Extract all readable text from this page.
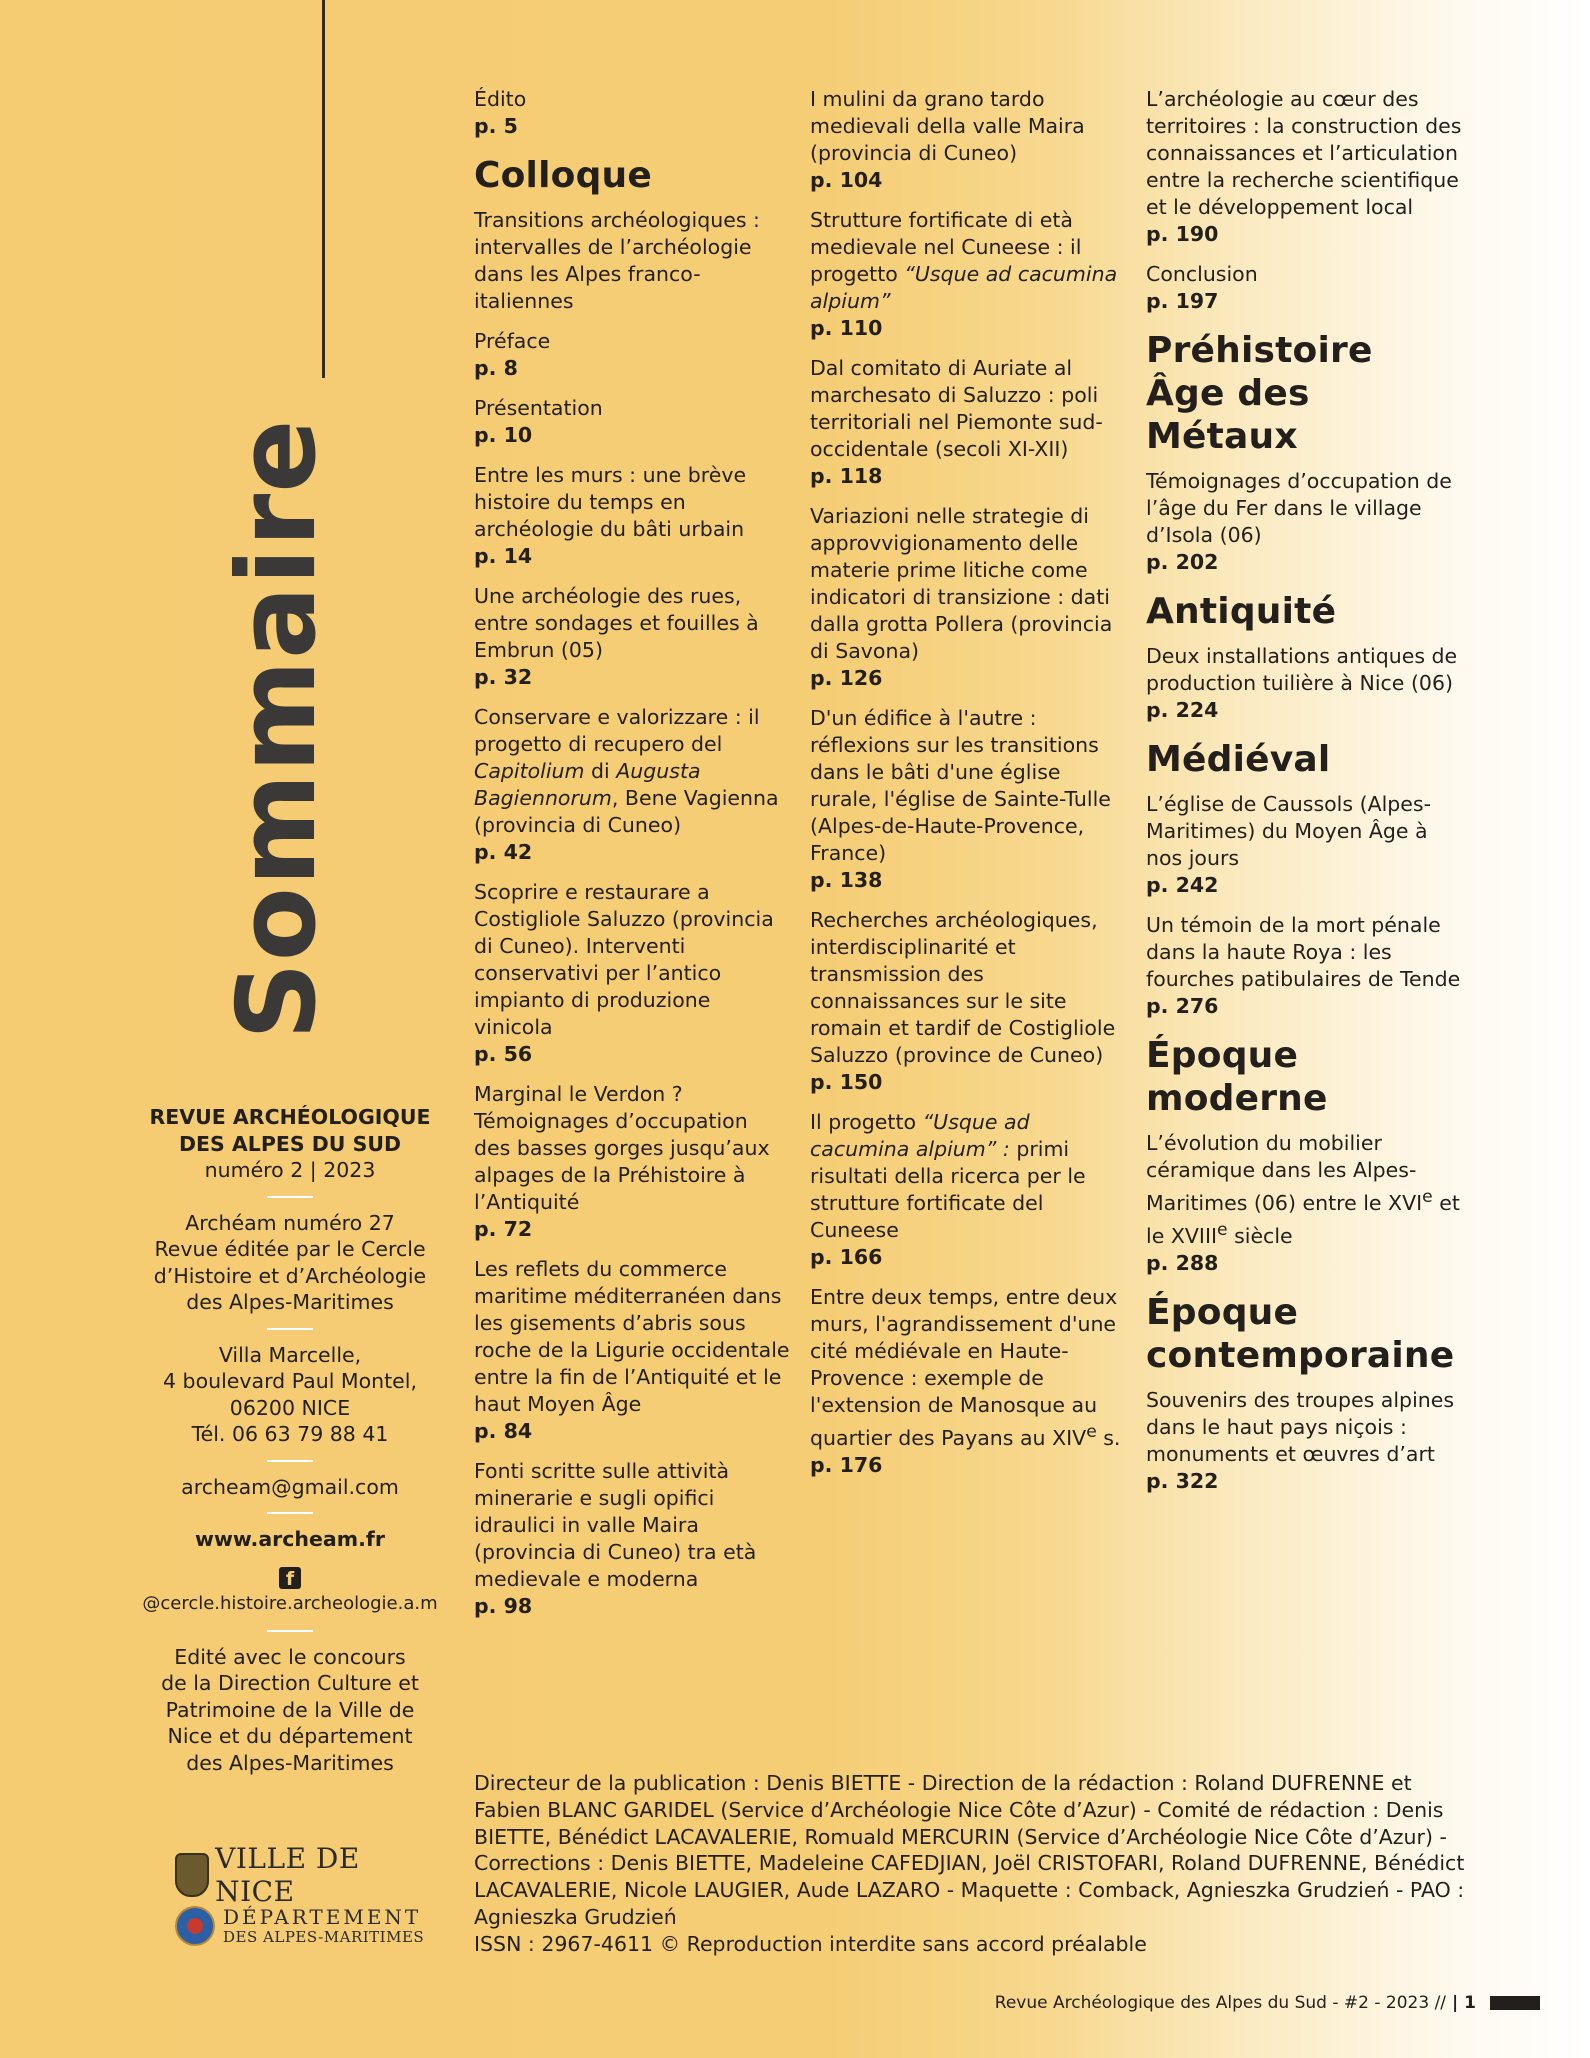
Sommaire
REVUE ARCHÉOLOGIQUE
DES ALPES DU SUD
numéro 2 | 2023
Archéam numéro 27
Revue éditée par le Cercle
d’Histoire et d’Archéologie
des Alpes-Maritimes
Villa Marcelle,
4 boulevard Paul Montel,
06200 NICE
Tél. 06 63 79 88 41
archeam@gmail.com
www.archeam.fr
f
@cercle.histoire.archeologie.a.m
Edité avec le concours
de la Direction Culture et
Patrimoine de la Ville de
Nice et du département
des Alpes-Maritimes
VILLE DE NICE
DÉPARTEMENT
DES ALPES-MARITIMES
Édito
p. 5
Colloque
Transitions archéologiques : intervalles de l’archéologie dans les Alpes franco-italiennes
Préface
p. 8
Présentation
p. 10
Entre les murs : une brève histoire du temps en archéologie du bâti urbain
p. 14
Une archéologie des rues, entre sondages et fouilles à Embrun (05)
p. 32
Conservare e valorizzare : il progetto di recupero del Capitolium di Augusta Bagiennorum, Bene Vagienna (provincia di Cuneo)
p. 42
Scoprire e restaurare a Costigliole Saluzzo (provincia di Cuneo). Interventi conservativi per l’antico impianto di produzione vinicola
p. 56
Marginal le Verdon ? Témoignages d’occupation des basses gorges jusqu’aux alpages de la Préhistoire à l’Antiquité
p. 72
Les reflets du commerce maritime méditerranéen dans les gisements d’abris sous roche de la Ligurie occidentale entre la fin de l’Antiquité et le haut Moyen Âge
p. 84
Fonti scritte sulle attività minerarie e sugli opifici idraulici in valle Maira (provincia di Cuneo) tra età medievale e moderna
p. 98
I mulini da grano tardo medievali della valle Maira (provincia di Cuneo)
p. 104
Strutture fortificate di età medievale nel Cuneese : il progetto “Usque ad cacumina alpium”
p. 110
Dal comitato di Auriate al marchesato di Saluzzo : poli territoriali nel Piemonte sud-occidentale (secoli XI-XII)
p. 118
Variazioni nelle strategie di approvvigionamento delle materie prime litiche come indicatori di transizione : dati dalla grotta Pollera (provincia di Savona)
p. 126
D'un édifice à l'autre : réflexions sur les transitions dans le bâti d'une église rurale, l'église de Sainte-Tulle (Alpes-de-Haute-Provence, France)
p. 138
Recherches archéologiques, interdisciplinarité et transmission des connaissances sur le site romain et tardif de Costigliole Saluzzo (province de Cuneo)
p. 150
Il progetto “Usque ad cacumina alpium” : primi risultati della ricerca per le strutture fortificate del Cuneese
p. 166
Entre deux temps, entre deux murs, l'agrandissement d'une cité médiévale en Haute-Provence : exemple de l'extension de Manosque au quartier des Payans au XIVe s.
p. 176
L’archéologie au cœur des territoires : la construction des connaissances et l’articulation entre la recherche scientifique et le développement local
p. 190
Conclusion
p. 197
Préhistoire Âge des Métaux
Témoignages d’occupation de l’âge du Fer dans le village d’Isola (06)
p. 202
Antiquité
Deux installations antiques de production tuilière à Nice (06)
p. 224
Médiéval
L’église de Caussols (Alpes-Maritimes) du Moyen Âge à nos jours
p. 242
Un témoin de la mort pénale dans la haute Roya : les fourches patibulaires de Tende
p. 276
Époque moderne
L’évolution du mobilier céramique dans les Alpes-Maritimes (06) entre le XVIe et le XVIIIe siècle
p. 288
Époque contemporaine
Souvenirs des troupes alpines dans le haut pays niçois : monuments et œuvres d’art
p. 322
Directeur de la publication : Denis BIETTE - Direction de la rédaction : Roland DUFRENNE et Fabien BLANC GARIDEL (Service d’Archéologie Nice Côte d’Azur) - Comité de rédaction : Denis BIETTE, Bénédict LACAVALERIE, Romuald MERCURIN (Service d’Archéologie Nice Côte d’Azur) - Corrections : Denis BIETTE, Madeleine CAFEDJIAN, Joël CRISTOFARI, Roland DUFRENNE, Bénédict LACAVALERIE, Nicole LAUGIER, Aude LAZARO - Maquette : Comback, Agnieszka Grudzień - PAO : Agnieszka Grudzień
ISSN : 2967-4611 © Reproduction interdite sans accord préalable
Revue Archéologique des Alpes du Sud - #2 - 2023 // | 1
